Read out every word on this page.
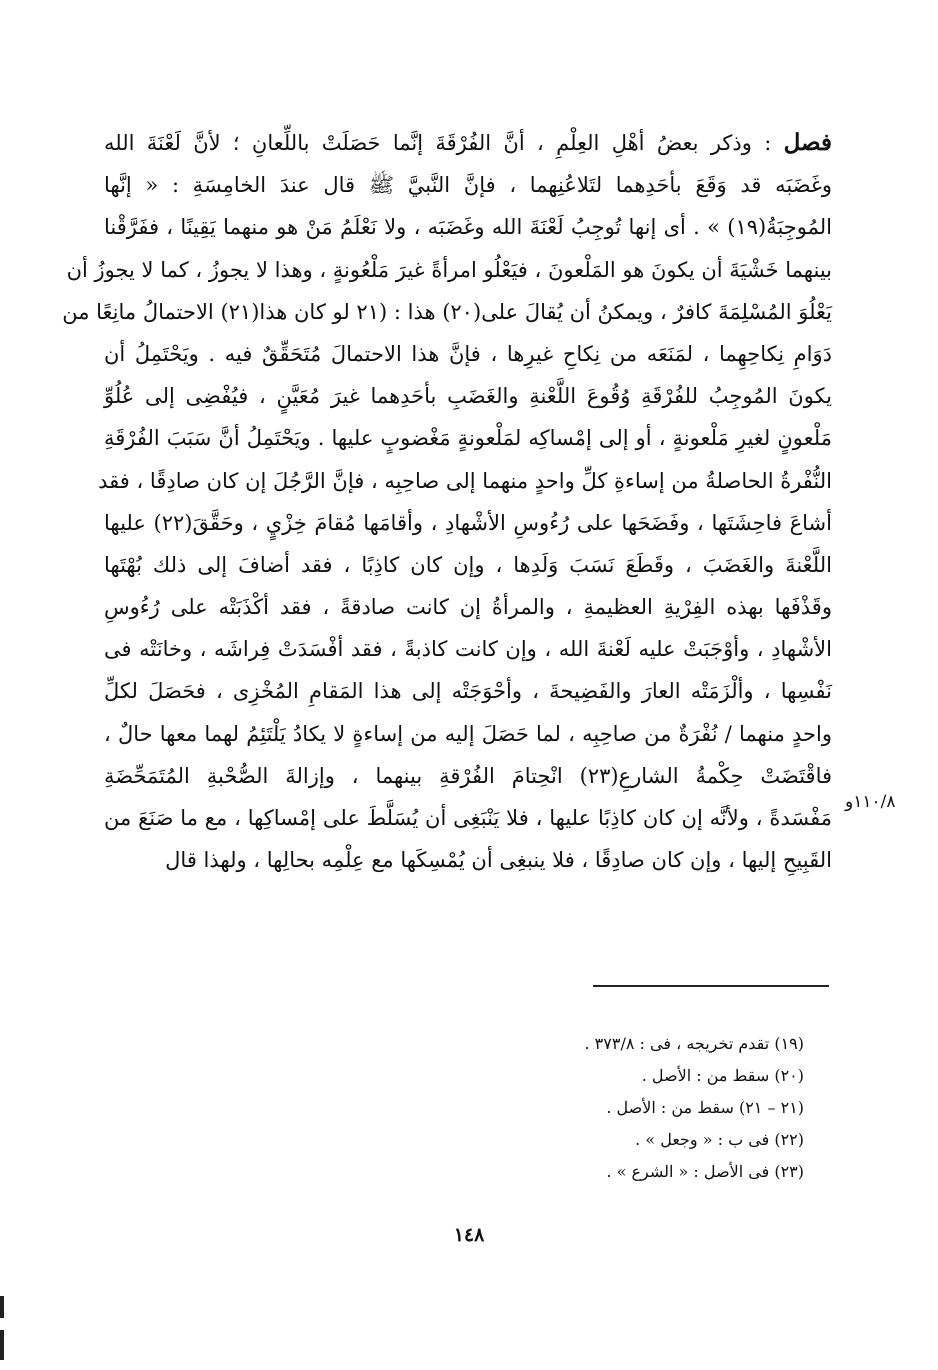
فصل : وذكر بعضُ أهْلِ العِلْمِ ، أنَّ الفُرْقَةَ إنَّما حَصَلَتْ باللِّعانِ ؛ لأنَّ لَعْنَةَ الله
وغَضَبَه قد وَقَعَ بأحَدِهما لتَلاعُنِهما ، فإنَّ النَّبيَّ ﷺ قال عندَ الخامِسَةِ : « إنَّها
المُوجِبَةُ(١٩) » . أى إنها تُوجِبُ لَعْنَةَ الله وغَضَبَه ، ولا نَعْلَمُ مَنْ هو منهما يَقِينًا ، ففَرَّقْنا
بينهما خَشْيَةَ أن يكونَ هو المَلْعونَ ، فيَعْلُو امرأةً غيرَ مَلْعُونةٍ ، وهذا لا يجوزُ ، كما لا يجوزُ أن
يَعْلُوَ المُسْلِمَةَ كافرٌ ، ويمكنُ أن يُقالَ على(٢٠) هذا : (٢١ لو كان هذا(٢١) الاحتمالُ مانِعًا من
دَوَامِ نِكاحِهِما ، لمَنَعَه من نِكاحِ غيرِها ، فإنَّ هذا الاحتمالَ مُتَحَقِّقٌ فيه . ويَحْتَمِلُ أن
يكونَ المُوجِبُ للفُرْقَةِ وُقُوعَ اللَّعْنةِ والغَضَبِ بأحَدِهما غيرَ مُعَيَّنٍ ، فيُفْضِى إلى عُلُوِّ
مَلْعونٍ لغيرِ مَلْعونةٍ ، أو إلى إمْساكِه لمَلْعونةٍ مَغْضوبٍ عليها . ويَحْتَمِلُ أنَّ سَبَبَ الفُرْقَةِ
النُّفْرةُ الحاصلةُ من إساءةِ كلِّ واحدٍ منهما إلى صاحِبِه ، فإنَّ الرَّجُلَ إن كان صادِقًا ، فقد
أشاعَ فاحِشَتَها ، وفَضَحَها على رُءُوسِ الأشْهادِ ، وأقامَها مُقامَ خِزْيٍ ، وحَقَّقَ(٢٢) عليها
اللَّعْنةَ والغَضَبَ ، وقَطَعَ نَسَبَ وَلَدِها ، وإن كان كاذِبًا ، فقد أضافَ إلى ذلك بُهْتَها
وقَذْفَها بهذه الفِرْيةِ العظيمةِ ، والمرأةُ إن كانت صادقةً ، فقد أكْذَبَتْه على رُءُوسِ
الأشْهادِ ، وأوْجَبَتْ عليه لَعْنةَ الله ، وإن كانت كاذبةً ، فقد أفْسَدَتْ فِراشَه ، وخانَتْه فى
نَفْسِها ، وألْزَمَتْه العارَ والفَضِيحةَ ، وأحْوَجَتْه إلى هذا المَقامِ المُخْزِى ، فحَصَلَ لكلِّ
واحدٍ منهما / نُفْرَةٌ من صاحِبِه ، لما حَصَلَ إليه من إساءةٍ لا يكادُ يَلْتَئِمُ لهما معها حالٌ ،
فاقْتَضَتْ حِكْمةُ الشارعِ(٢٣) انْحِتامَ الفُرْقةِ بينهما ، وإزالةَ الصُّحْبةِ المُتَمَحِّضَةِ
مَفْسَدةً ، ولأنَّه إن كان كاذِبًا عليها ، فلا يَنْبَغِى أن يُسَلَّطَ على إمْساكِها ، مع ما صَنَعَ من
القَبِيحِ إليها ، وإن كان صادِقًا ، فلا ينبغِى أن يُمْسِكَها مع عِلْمِه بحالِها ، ولهذا قال
١١٠/٨و
(١٩) تقدم تخريجه ، فى : ٣٧٣/٨ .
(٢٠) سقط من : الأصل .
(٢١ – ٢١) سقط من : الأصل .
(٢٢) فى ب : « وجعل » .
(٢٣) فى الأصل : « الشرع » .
١٤٨
